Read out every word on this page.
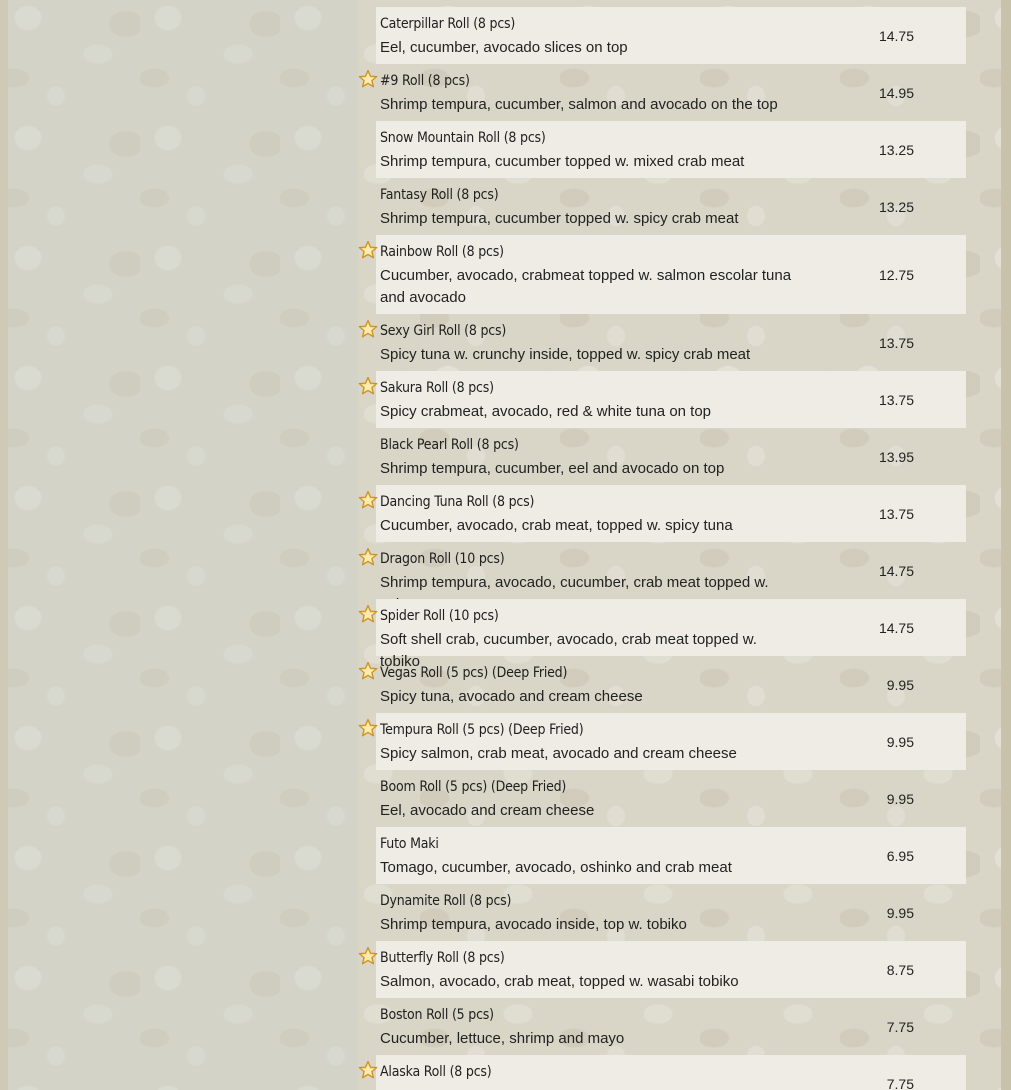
Caterpillar Roll (8 pcs)
Eel, cucumber, avocado slices on top
14.75
#9 Roll (8 pcs)
Shrimp tempura, cucumber, salmon and avocado on the top
14.95
Snow Mountain Roll (8 pcs)
Shrimp tempura, cucumber topped w. mixed crab meat
13.25
Fantasy Roll (8 pcs)
Shrimp tempura, cucumber topped w. spicy crab meat
13.25
Rainbow Roll (8 pcs)
Cucumber, avocado, crabmeat topped w. salmon escolar tuna and avocado
12.75
Sexy Girl Roll (8 pcs)
Spicy tuna w. crunchy inside, topped w. spicy crab meat
13.75
Sakura Roll (8 pcs)
Spicy crabmeat, avocado, red & white tuna on top
13.75
Black Pearl Roll (8 pcs)
Shrimp tempura, cucumber, eel and avocado on top
13.95
Dancing Tuna Roll (8 pcs)
Cucumber, avocado, crab meat, topped w. spicy tuna
13.75
Dragon Roll (10 pcs)
Shrimp tempura, avocado, cucumber, crab meat topped w.
14.75
Spider Roll (10 pcs)
Soft shell crab, cucumber, avocado, crab meat topped w. tobiko
14.75
Vegas Roll (5 pcs) (Deep Fried)
Spicy tuna, avocado and cream cheese
9.95
Tempura Roll (5 pcs) (Deep Fried)
Spicy salmon, crab meat, avocado and cream cheese
9.95
Boom Roll (5 pcs) (Deep Fried)
Eel, avocado and cream cheese
9.95
Futo Maki
Tomago, cucumber, avocado, oshinko and crab meat
6.95
Dynamite Roll (8 pcs)
Shrimp tempura, avocado inside, top w. tobiko
9.95
Butterfly Roll (8 pcs)
Salmon, avocado, crab meat, topped w. wasabi tobiko
8.75
Boston Roll (5 pcs)
Cucumber, lettuce, shrimp and mayo
7.75
Alaska Roll (8 pcs)
7.75
